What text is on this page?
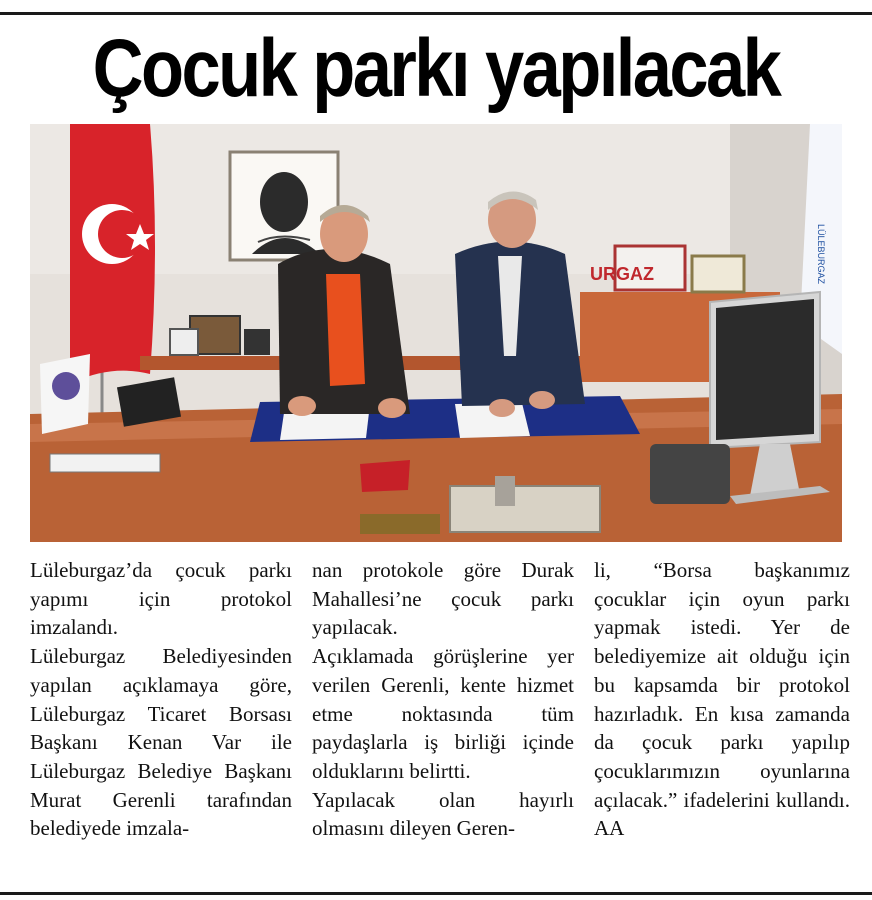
Çocuk parkı yapılacak
URGAZ	LÜLEBURGAZ

Lüleburgaz’da çocuk parkı yapımı için protokol imzalandı.

Lüleburgaz Belediyesinden yapılan açıklamaya göre, Lüleburgaz Ticaret Borsası Başkanı Kenan Var ile Lüleburgaz Belediye Başkanı Murat Gerenli tarafından belediyede imzala-

nan protokole göre Durak Mahallesi’ne çocuk parkı yapılacak.

Açıklamada görüşlerine yer verilen Gerenli, kente hizmet etme noktasında tüm paydaşlarla iş birliği içinde olduklarını belirtti.

Yapılacak olan hayırlı olmasını dileyen Geren-

li, “Borsa başkanımız çocuklar için oyun parkı yapmak istedi. Yer de belediyemize ait olduğu için bu kapsamda bir protokol hazırladık. En kısa zamanda da çocuk parkı yapılıp çocuklarımızın oyunlarına açılacak.” ifadelerini kullandı. AA
